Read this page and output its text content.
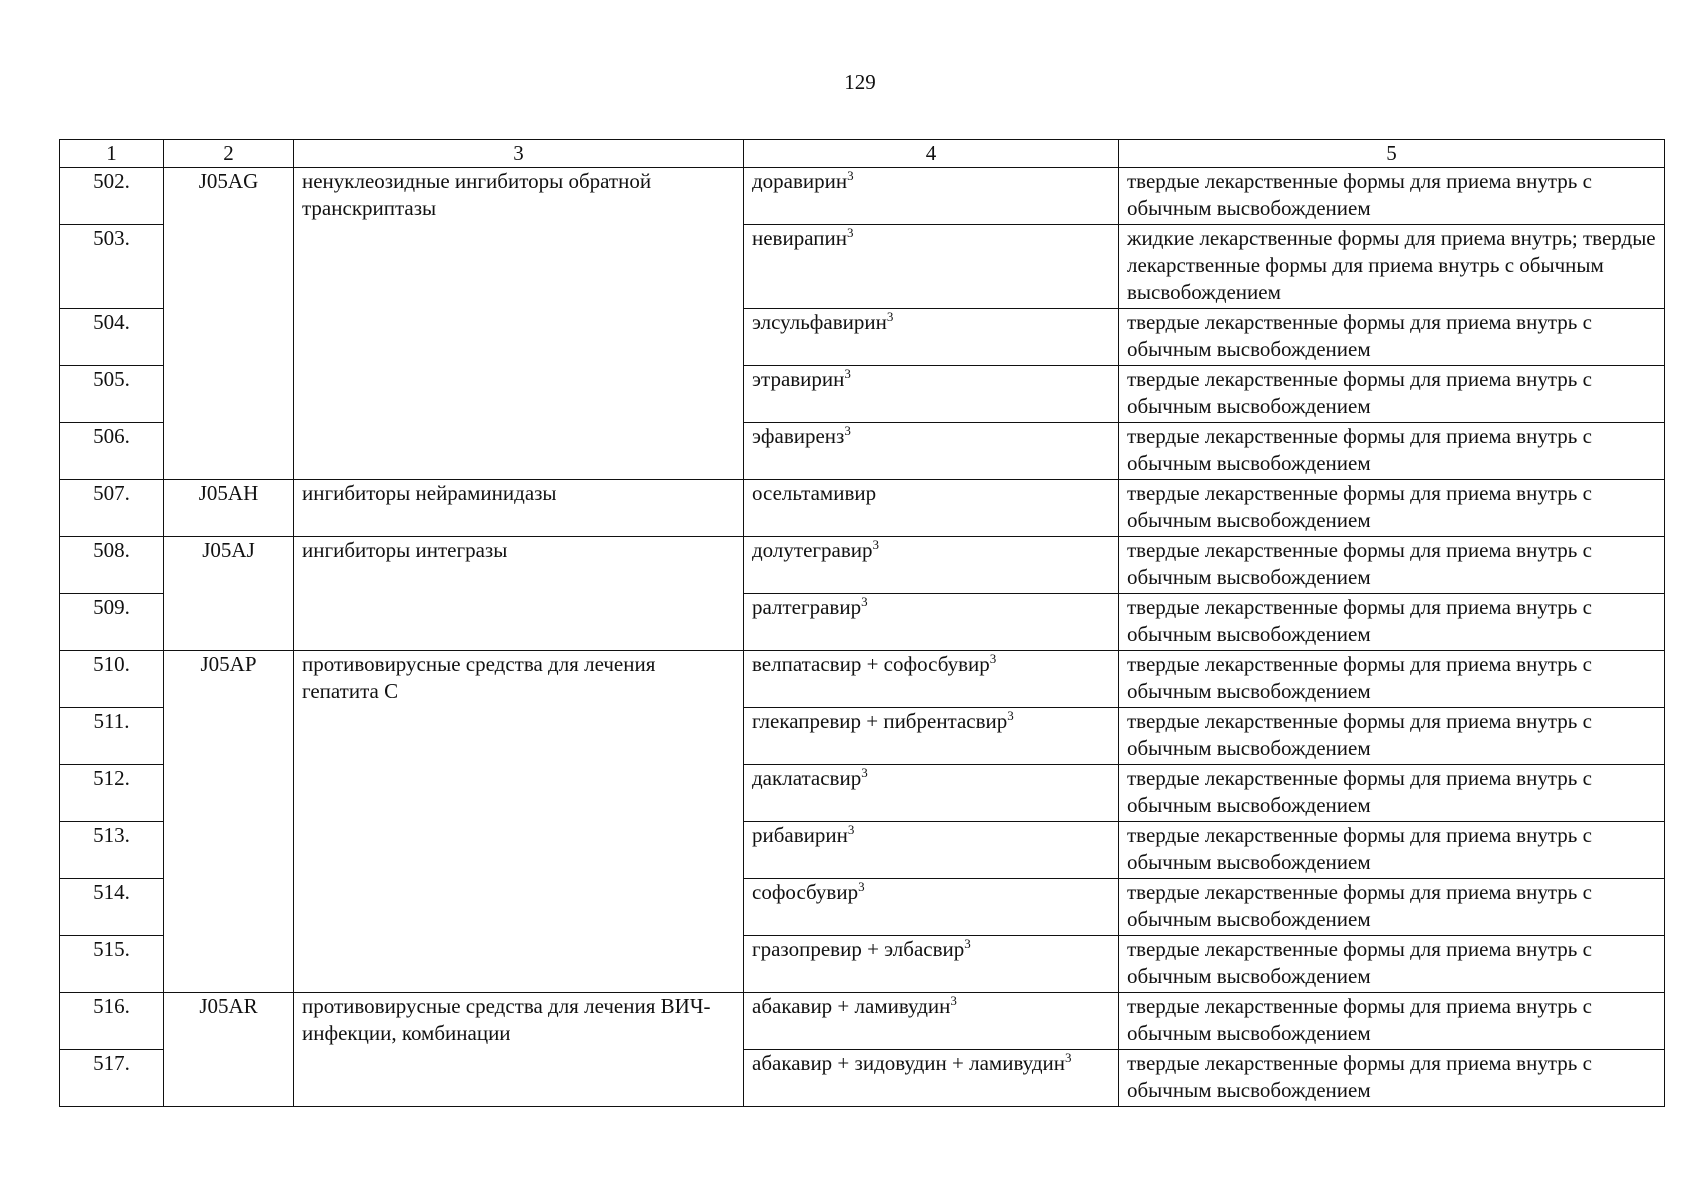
129
1	2	3	4	5
502.	J05AG	ненуклеозидные ингибиторы обратной транскриптазы	доравирин$^3$	твердые лекарственные формы для приема внутрь с обычным высвобождением
503.			невирапин$^3$	жидкие лекарственные формы для приема внутрь; твердые лекарственные формы для приема внутрь с обычным высвобождением
504.			элсульфавирин$^3$	твердые лекарственные формы для приема внутрь с обычным высвобождением
505.			этравирин$^3$	твердые лекарственные формы для приема внутрь с обычным высвобождением
506.			эфавиренз$^3$	твердые лекарственные формы для приема внутрь с обычным высвобождением
507.	J05AH	ингибиторы нейраминидазы	осельтамивир	твердые лекарственные формы для приема внутрь с обычным высвобождением
508.	J05AJ	ингибиторы интегразы	долутегравир$^3$	твердые лекарственные формы для приема внутрь с обычным высвобождением
509.			ралтегравир$^3$	твердые лекарственные формы для приема внутрь с обычным высвобождением
510.	J05AP	противовирусные средства для лечения гепатита С	велпатасвир + софосбувир$^3$	твердые лекарственные формы для приема внутрь с обычным высвобождением
511.			глекапревир + пибрентасвир$^3$	твердые лекарственные формы для приема внутрь с обычным высвобождением
512.			даклатасвир$^3$	твердые лекарственные формы для приема внутрь с обычным высвобождением
513.			рибавирин$^3$	твердые лекарственные формы для приема внутрь с обычным высвобождением
514.			софосбувир$^3$	твердые лекарственные формы для приема внутрь с обычным высвобождением
515.			гразопревир + элбасвир$^3$	твердые лекарственные формы для приема внутрь с обычным высвобождением
516.	J05AR	противовирусные средства для лечения ВИЧ-инфекции, комбинации	абакавир + ламивудин$^3$	твердые лекарственные формы для приема внутрь с обычным высвобождением
517.			абакавир + зидовудин + ламивудин$^3$	твердые лекарственные формы для приема внутрь с обычным высвобождением
